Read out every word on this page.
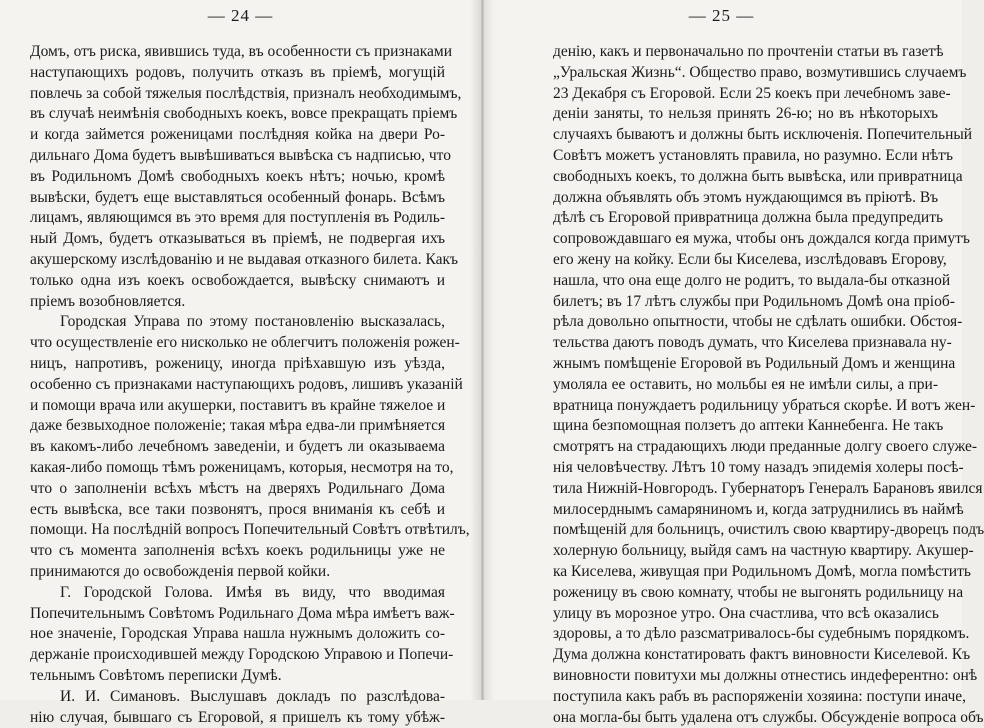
— 24 —
Домъ, отъ риска, явившись туда, въ особенности съ признаками
наступающихъ родовъ, получить отказъ въ пріемѣ, могущій
повлечь за собой тяжелыя послѣдствія, призналъ необходимымъ,
въ случаѣ неимѣнія свободныхъ коекъ, вовсе прекращать пріемъ
и когда займется роженицами послѣдняя койка на двери Ро-
дильнаго Дома будетъ вывѣшиваться вывѣска съ надписью, что
въ Родильномъ Домѣ свободныхъ коекъ нѣтъ; ночью, кромѣ
вывѣски, будетъ еще выставляться особенный фонарь. Всѣмъ
лицамъ, являющимся въ это время для поступленія въ Родиль-
ный Домъ, будетъ отказываться въ пріемѣ, не подвергая ихъ
акушерскому изслѣдованію и не выдавая отказного билета. Какъ
только одна изъ коекъ освобождается, вывѣску снимаютъ и
пріемъ возобновляется.
Городская Управа по этому постановленію высказалась,
что осуществленіе его нисколько не облегчитъ положенія рожен-
ницъ, напротивъ, роженицу, иногда пріѣхавшую изъ уѣзда,
особенно съ признаками наступающихъ родовъ, лишивъ указаній
и помощи врача или акушерки, поставитъ въ крайне тяжелое и
даже безвыходное положеніе; такая мѣра едва-ли примѣняется
въ какомъ-либо лечебномъ заведеніи, и будетъ ли оказываема
какая-либо помощь тѣмъ роженицамъ, которыя, несмотря на то,
что о заполненіи всѣхъ мѣстъ на дверяхъ Родильнаго Дома
есть вывѣска, все таки позвонятъ, прося вниманія къ себѣ и
помощи. На послѣдній вопросъ Попечительный Совѣтъ отвѣтилъ,
что съ момента заполненія всѣхъ коекъ родильницы уже не
принимаются до освобожденія первой койки.
Г. Городской Голова. Имѣя въ виду, что вводимая
Попечительнымъ Совѣтомъ Родильнаго Дома мѣра имѣетъ важ-
ное значеніе, Городская Управа нашла нужнымъ доложить со-
держаніе происходившей между Городскою Управою и Попечи-
тельнымъ Совѣтомъ переписки Думѣ.
И. И. Симановъ. Выслушавъ докладъ по разслѣдова-
нію случая, бывшаго съ Егоровой, я пришелъ къ тому убѣж-
— 25 —
денію, какъ и первоначально по прочтеніи статьи въ газетѣ
„Уральская Жизнь“. Общество право, возмутившись случаемъ
23 Декабря съ Егоровой. Если 25 коекъ при лечебномъ заве-
деніи заняты, то нельзя принять 26-ю; но въ нѣкоторыхъ
случаяхъ бываютъ и должны быть исключенія. Попечительный
Совѣтъ можетъ установлять правила, но разумно. Если нѣтъ
свободныхъ коекъ, то должна быть вывѣска, или привратница
должна объявлять объ этомъ нуждающимся въ пріютѣ. Въ
дѣлѣ съ Егоровой привратница должна была предупредить
сопровождавшаго ея мужа, чтобы онъ дождался когда примутъ
его жену на койку. Если бы Киселева, изслѣдовавъ Егорову,
нашла, что она еще долго не родитъ, то выдала-бы отказной
билетъ; въ 17 лѣтъ службы при Родильномъ Домѣ она пріоб-
рѣла довольно опытности, чтобы не сдѣлать ошибки. Обстоя-
тельства даютъ поводъ думать, что Киселева признавала ну-
жнымъ помѣщеніе Егоровой въ Родильный Домъ и женщина
умоляла ее оставить, но мольбы ея не имѣли силы, а при-
вратница понуждаетъ родильницу убраться скорѣе. И вотъ жен-
щина безпомощная ползетъ до аптеки Каннебенга. Не такъ
смотрятъ на страдающихъ люди преданные долгу своего служе-
нія человѣчеству. Лѣтъ 10 тому назадъ эпидемія холеры посѣ-
тила Нижній-Новгородъ. Губернаторъ Генералъ Барановъ явился
милосерднымъ самаряниномъ и, когда затруднились въ наймѣ
помѣщеній для больницъ, очистилъ свою квартиру-дворецъ подъ
холерную больницу, выйдя самъ на частную квартиру. Акушер-
ка Киселева, живущая при Родильномъ Домѣ, могла помѣстить
роженицу въ свою комнату, чтобы не выгонять родильницу на
улицу въ морозное утро. Она счастлива, что всѣ оказались
здоровы, а то дѣло разсматривалось-бы судебнымъ порядкомъ.
Дума должна констатировать фактъ виновности Киселевой. Къ
виновности повитухи мы должны отнестись индеферентно: онѣ
поступила какъ рабъ въ распоряженіи хозяина: поступи иначе,
она могла-бы быть удалена отъ службы. Обсужденіе вопроса объ
